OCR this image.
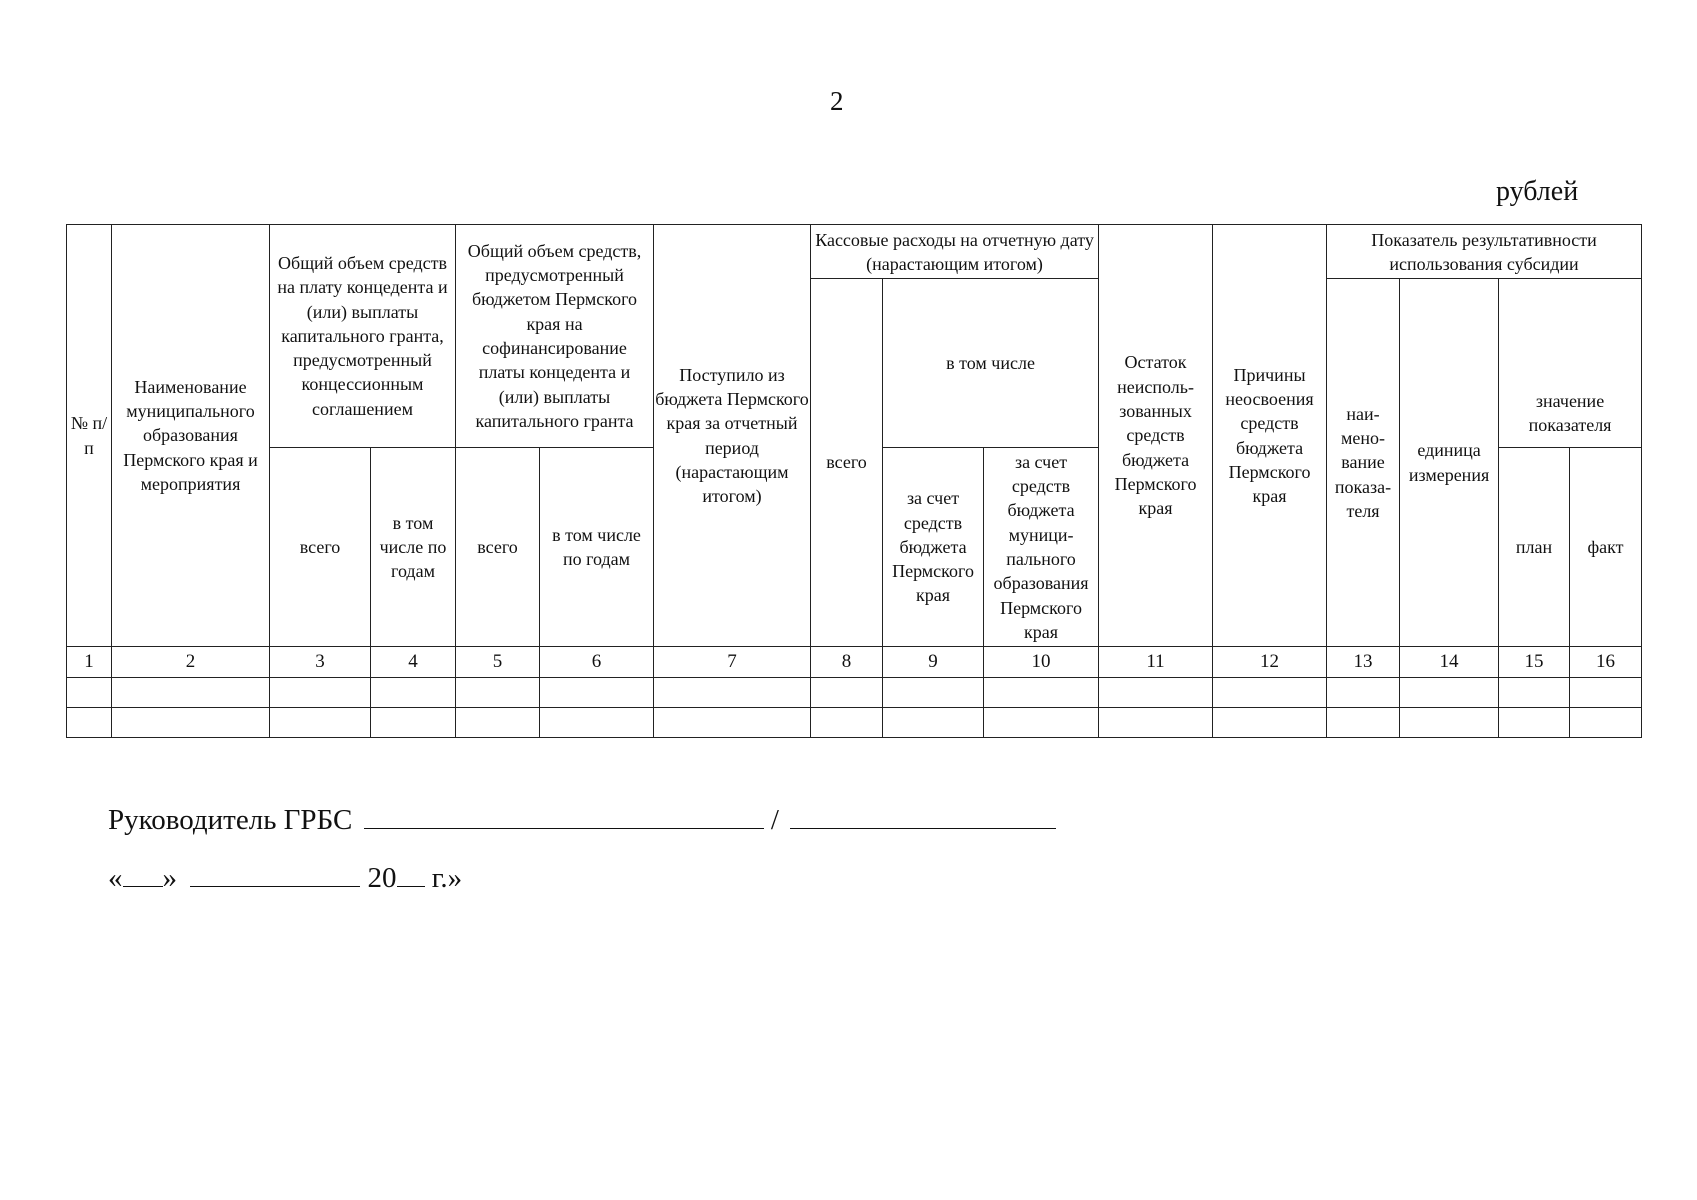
2
рублей
№ п/п	Наименование муниципального образования Пермского края и мероприятия	Общий объем средств на плату концедента и (или) выплаты капитального гранта, предусмотренный концессионным соглашением		Общий объем средств, предусмотренный бюджетом Пермского края на софинансирование платы концедента и (или) выплаты капитального гранта		Поступило из бюджета Пермского края за отчетный период (нарастающим итогом)	Кассовые расходы на отчетную дату (нарастающим итогом)			Остаток неисполь-зованных средств бюджета Пермского края	Причины неосвоения средств бюджета Пермского края	Показатель результативности использования субсидии			
							всего	в том числе				наи-мено-вание показа-теля	единица измерения	значение показателя	
		всего	в том числе по годам	всего	в том числе по годам			за счет средств бюджета Пермского края	за счет средств бюджета муници-пального образования Пермского края					план	факт
1	2	3	4	5	6	7	8	9	10	11	12	13	14	15	16

Руководитель ГРБС	/
« »	20 г.»
